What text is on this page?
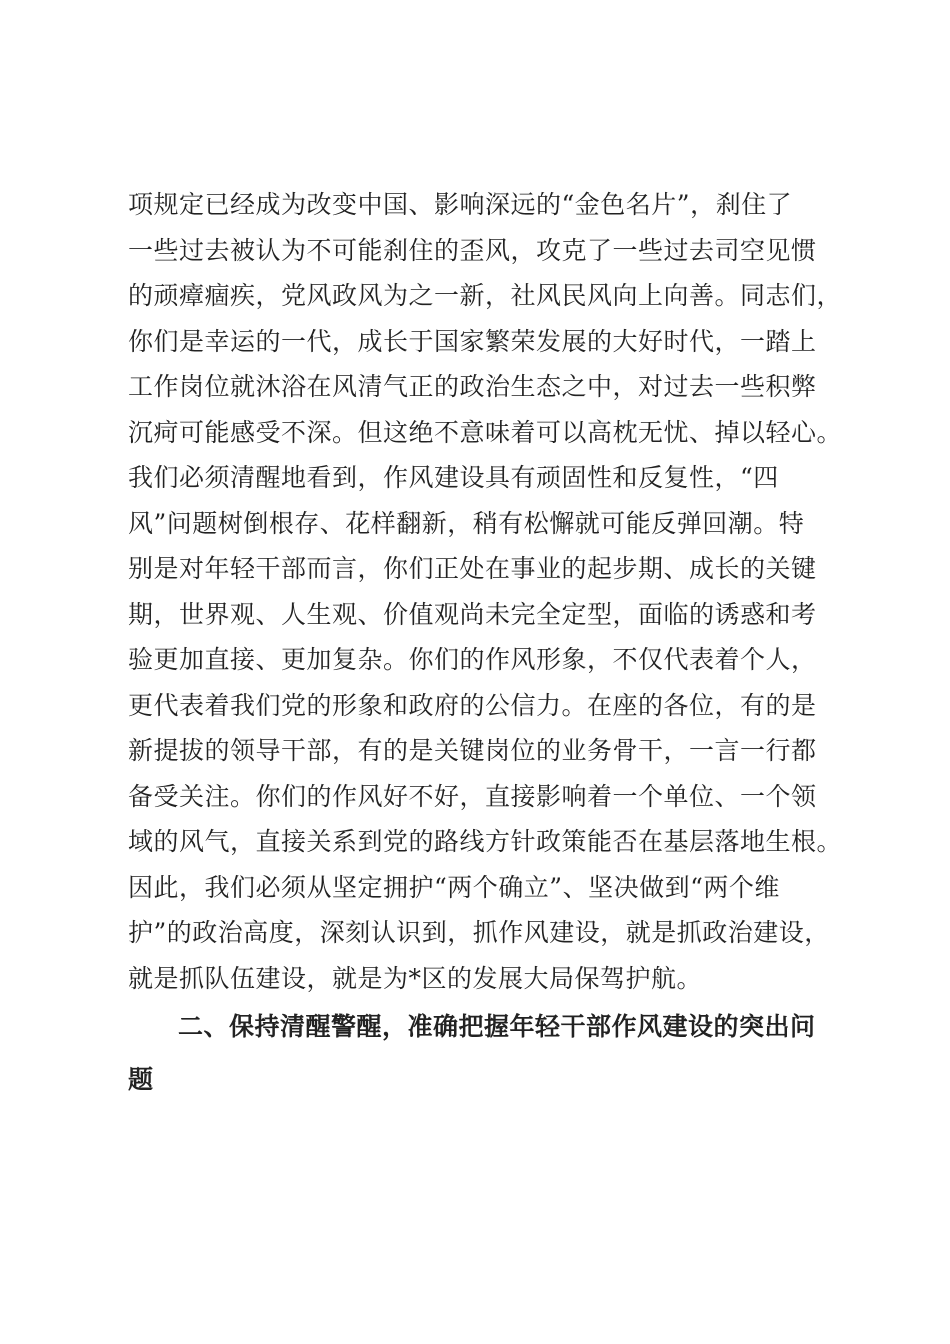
项规定已经成为改变中国、影响深远的“金色名片”，刹住了
一些过去被认为不可能刹住的歪风，攻克了一些过去司空见惯
的顽瘴痼疾，党风政风为之一新，社风民风向上向善。同志们，
你们是幸运的一代，成长于国家繁荣发展的大好时代，一踏上
工作岗位就沐浴在风清气正的政治生态之中，对过去一些积弊
沉疴可能感受不深。但这绝不意味着可以高枕无忧、掉以轻心。
我们必须清醒地看到，作风建设具有顽固性和反复性，“四
风”问题树倒根存、花样翻新，稍有松懈就可能反弹回潮。特
别是对年轻干部而言，你们正处在事业的起步期、成长的关键
期，世界观、人生观、价值观尚未完全定型，面临的诱惑和考
验更加直接、更加复杂。你们的作风形象，不仅代表着个人，
更代表着我们党的形象和政府的公信力。在座的各位，有的是
新提拔的领导干部，有的是关键岗位的业务骨干，一言一行都
备受关注。你们的作风好不好，直接影响着一个单位、一个领
域的风气，直接关系到党的路线方针政策能否在基层落地生根。
因此，我们必须从坚定拥护“两个确立”、坚决做到“两个维
护”的政治高度，深刻认识到，抓作风建设，就是抓政治建设，
就是抓队伍建设，就是为*区的发展大局保驾护航。
二、保持清醒警醒，准确把握年轻干部作风建设的突出问
题
